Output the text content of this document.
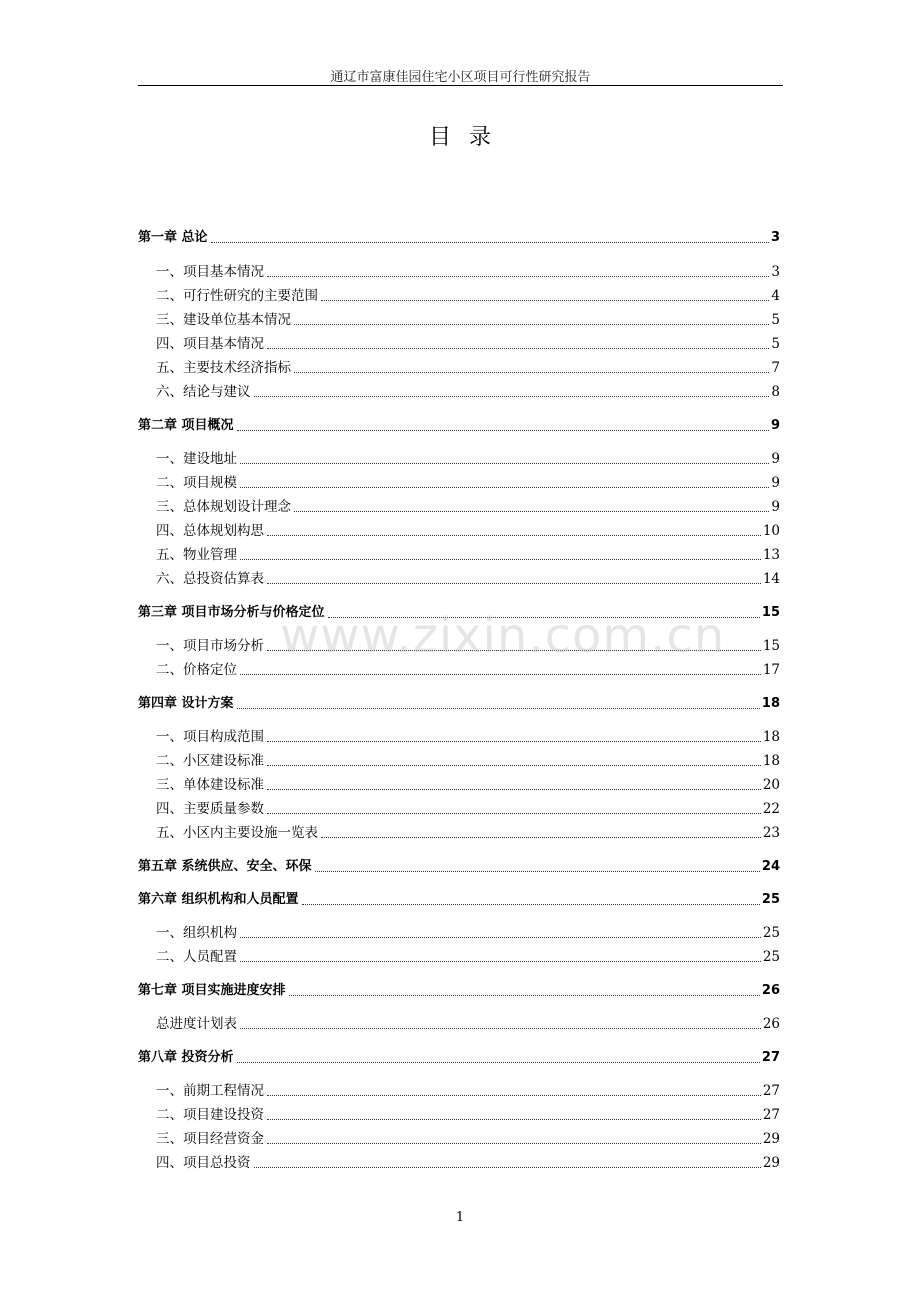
通辽市富康佳园住宅小区项目可行性研究报告
目录
第一章 总论	3
一、项目基本情况	3
二、可行性研究的主要范围	4
三、建设单位基本情况	5
四、项目基本情况	5
五、主要技术经济指标	7
六、结论与建议	8
第二章 项目概况	9
一、建设地址	9
二、项目规模	9
三、总体规划设计理念	9
四、总体规划构思	10
五、物业管理	13
六、总投资估算表	14
第三章 项目市场分析与价格定位	15
一、项目市场分析	15
二、价格定位	17
第四章 设计方案	18
一、项目构成范围	18
二、小区建设标准	18
三、单体建设标准	20
四、主要质量参数	22
五、小区内主要设施一览表	23
第五章 系统供应、安全、环保	24
第六章 组织机构和人员配置	25
一、组织机构	25
二、人员配置	25
第七章 项目实施进度安排	26
总进度计划表	26
第八章 投资分析	27
一、前期工程情况	27
二、项目建设投资	27
三、项目经营资金	29
四、项目总投资	29
www.zixin.com.cn
1
